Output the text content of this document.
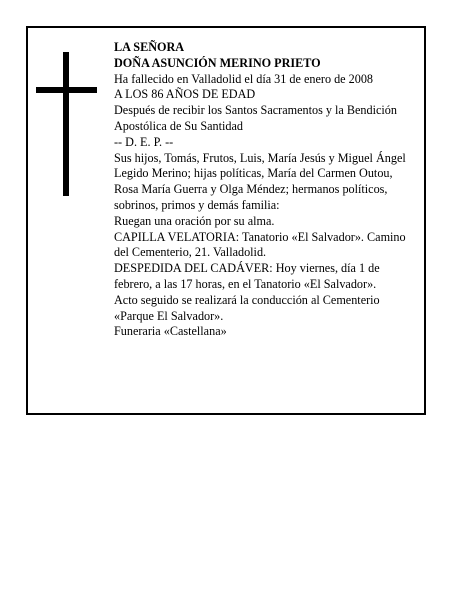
LA SEÑORA
DOÑA ASUNCIÓN MERINO PRIETO
Ha fallecido en Valladolid el día 31 de enero de 2008
A LOS 86 AÑOS DE EDAD
Después de recibir los Santos Sacramentos y la Bendición Apostólica de Su Santidad
-- D. E. P. --
Sus hijos, Tomás, Frutos, Luis, María Jesús y Miguel Ángel Legido Merino; hijas políticas, María del Carmen Outou, Rosa María Guerra y Olga Méndez; hermanos políticos, sobrinos, primos y demás familia:
Ruegan una oración por su alma.
CAPILLA VELATORIA: Tanatorio «El Salvador». Camino del Cementerio, 21. Valladolid.
DESPEDIDA DEL CADÁVER: Hoy viernes, día 1 de febrero, a las 17 horas, en el Tanatorio «El Salvador».
Acto seguido se realizará la conducción al Cementerio «Parque El Salvador».
Funeraria «Castellana»
